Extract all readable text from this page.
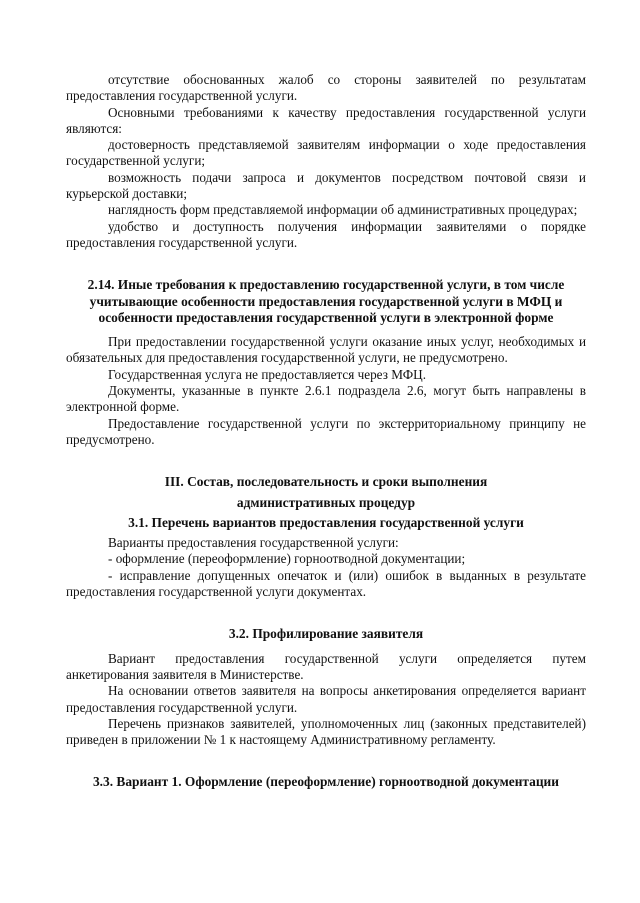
отсутствие обоснованных жалоб со стороны заявителей по результатам предоставления государственной услуги.

Основными требованиями к качеству предоставления государственной услуги являются:

достоверность представляемой заявителям информации о ходе предоставления государственной услуги;

возможность подачи запроса и документов посредством почтовой связи и курьерской доставки;

наглядность форм представляемой информации об административных процедурах;

удобство и доступность получения информации заявителями о порядке предоставления государственной услуги.

2.14. Иные требования к предоставлению государственной услуги, в том числе учитывающие особенности предоставления государственной услуги в МФЦ и особенности предоставления государственной услуги в электронной форме

При предоставлении государственной услуги оказание иных услуг, необходимых и обязательных для предоставления государственной услуги, не предусмотрено.

Государственная услуга не предоставляется через МФЦ.

Документы, указанные в пункте 2.6.1 подраздела 2.6, могут быть направлены в электронной форме.

Предоставление государственной услуги по экстерриториальному принципу не предусмотрено.

III. Состав, последовательность и сроки выполнения

административных процедур

3.1. Перечень вариантов предоставления государственной услуги

Варианты предоставления государственной услуги:

- оформление (переоформление) горноотводной документации;

- исправление допущенных опечаток и (или) ошибок в выданных в результате предоставления государственной услуги документах.

3.2. Профилирование заявителя

Вариант предоставления государственной услуги определяется путем анкетирования заявителя в Министерстве.

На основании ответов заявителя на вопросы анкетирования определяется вариант предоставления государственной услуги.

Перечень признаков заявителей, уполномоченных лиц (законных представителей) приведен в приложении № 1 к настоящему Административному регламенту.

3.3. Вариант 1. Оформление (переоформление) горноотводной документации
